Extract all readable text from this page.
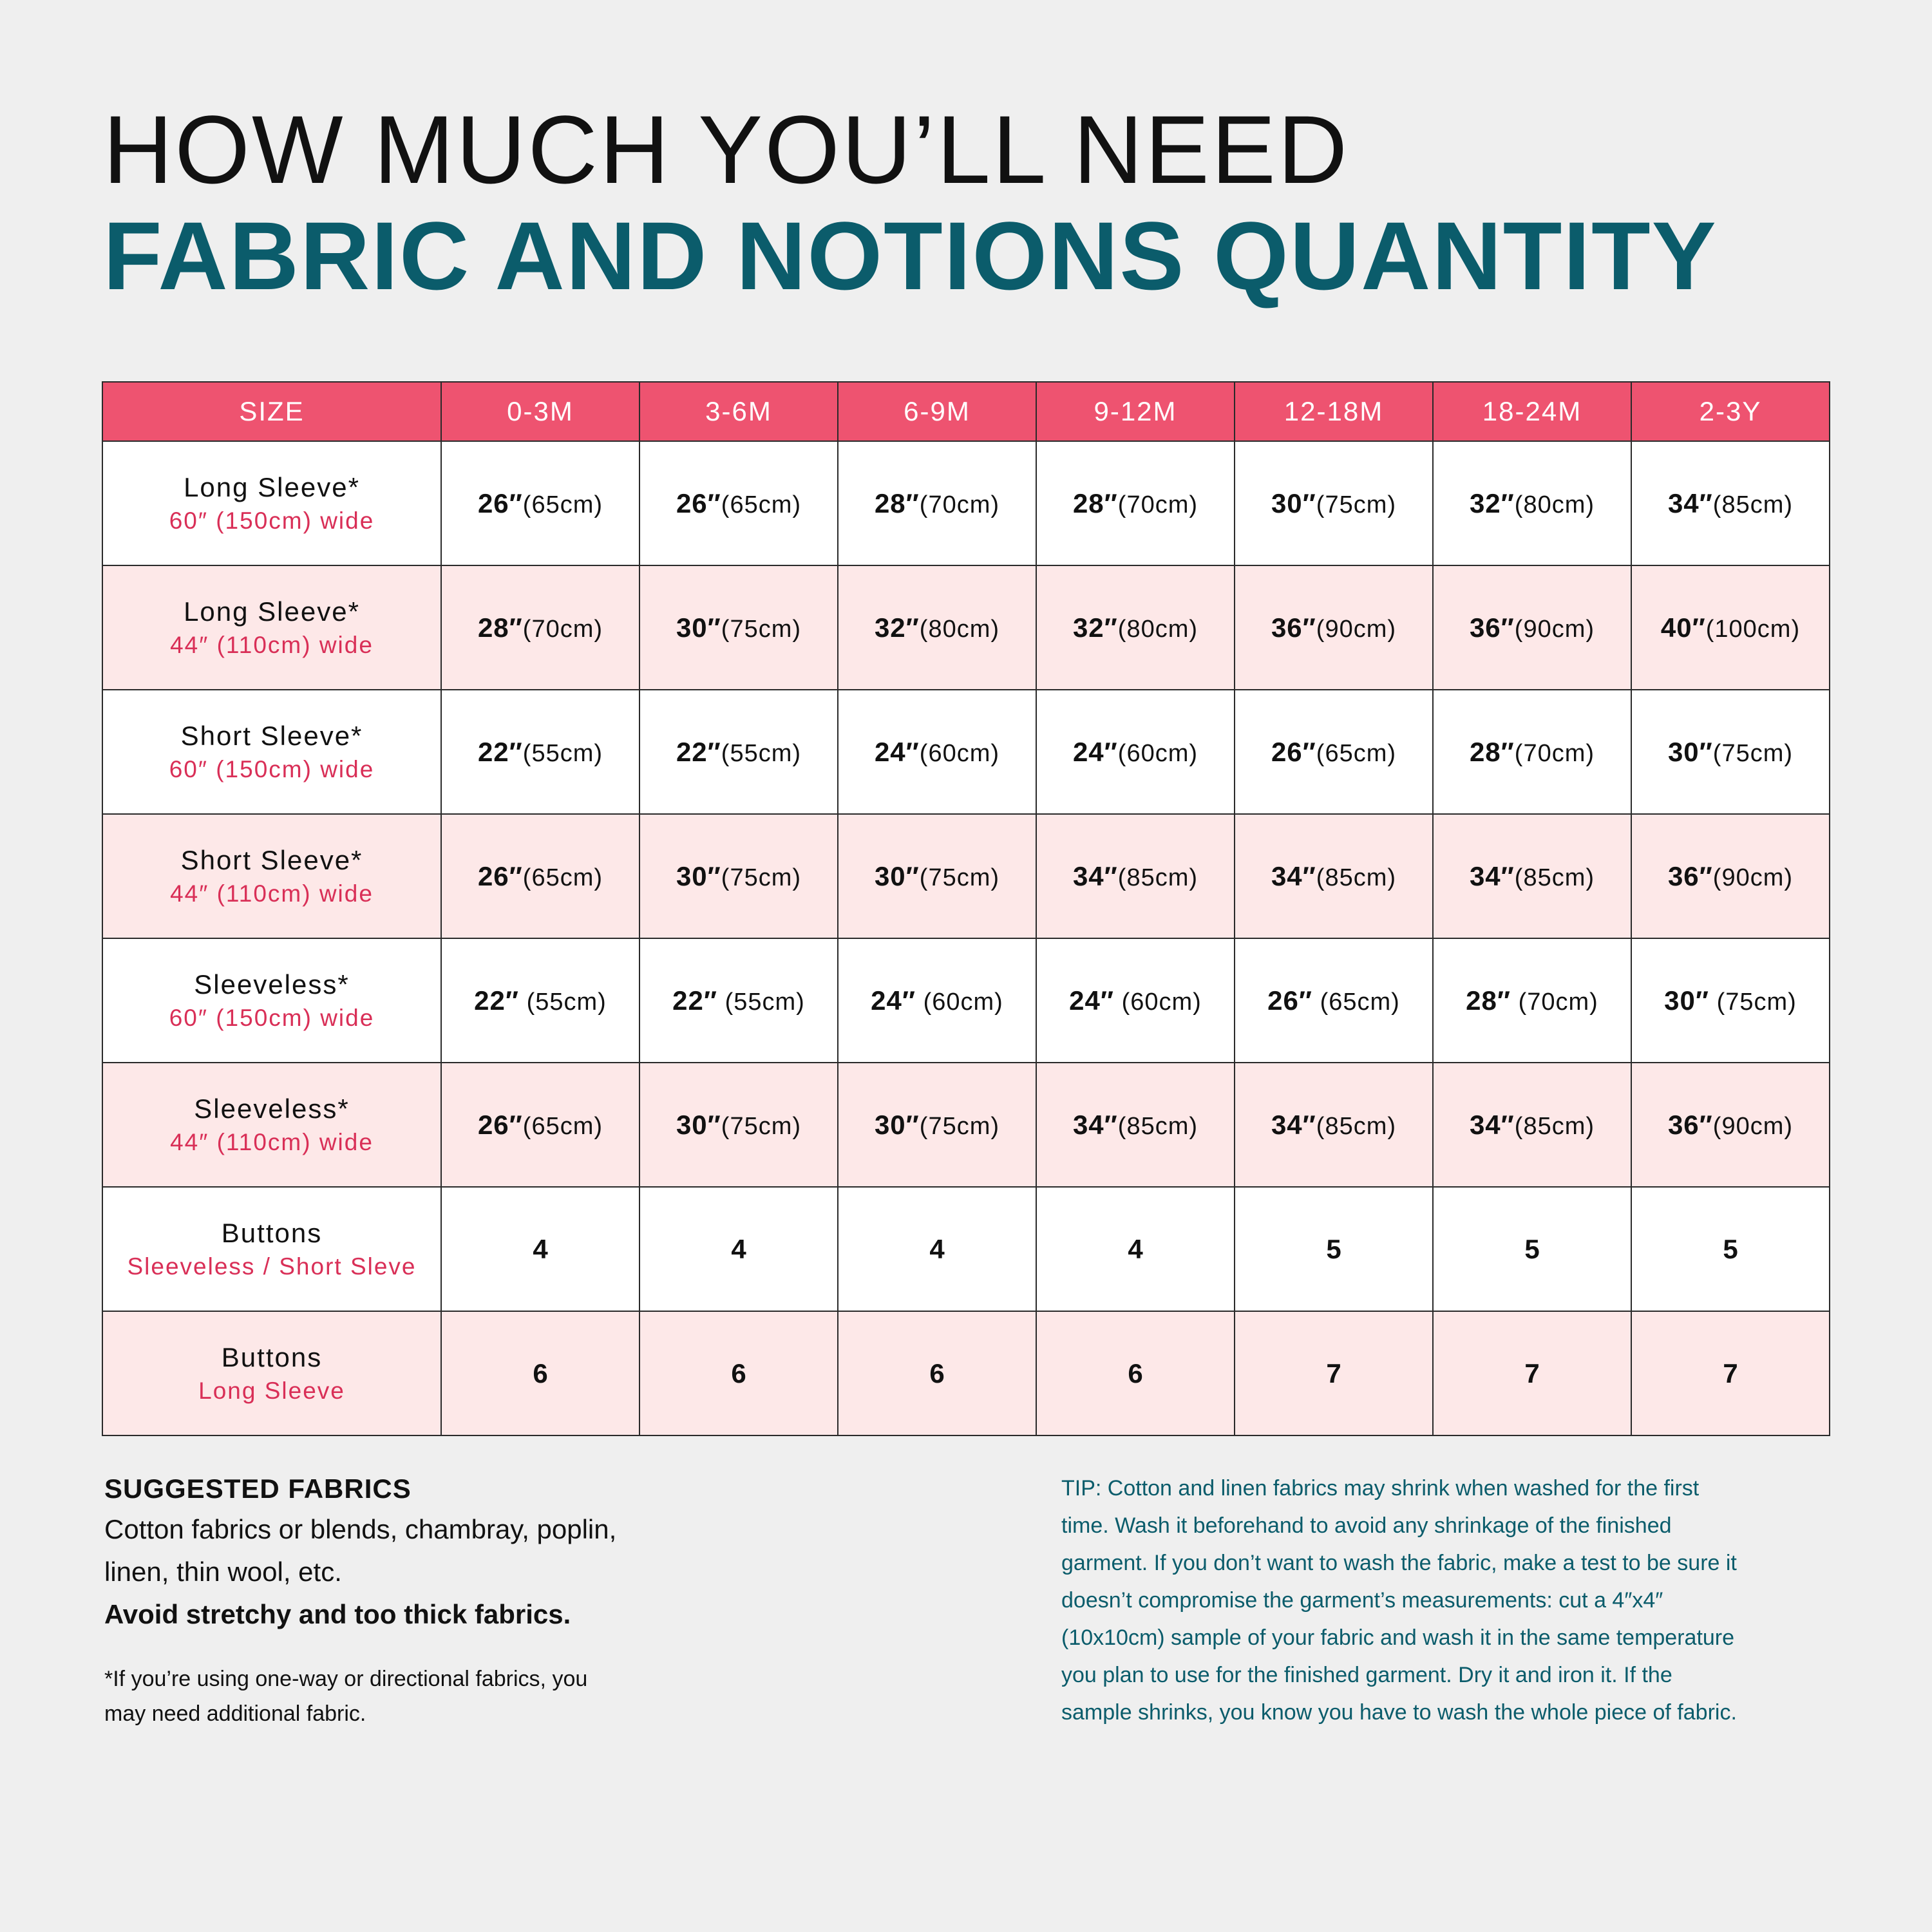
HOW MUCH YOU’LL NEED
FABRIC AND NOTIONS QUANTITY
SIZE	0-3M	3-6M	6-9M	9-12M	12-18M	18-24M	2-3Y

Long Sleeve*
60″ (150cm) wide	26″(65cm)	26″(65cm)	28″(70cm)	28″(70cm)	30″(75cm)	32″(80cm)	34″(85cm)

Long Sleeve*
44″ (110cm) wide	28″(70cm)	30″(75cm)	32″(80cm)	32″(80cm)	36″(90cm)	36″(90cm)	40″(100cm)

Short Sleeve*
60″ (150cm) wide	22″(55cm)	22″(55cm)	24″(60cm)	24″(60cm)	26″(65cm)	28″(70cm)	30″(75cm)

Short Sleeve*
44″ (110cm) wide	26″(65cm)	30″(75cm)	30″(75cm)	34″(85cm)	34″(85cm)	34″(85cm)	36″(90cm)

Sleeveless*
60″ (150cm) wide	22″ (55cm)	22″ (55cm)	24″ (60cm)	24″ (60cm)	26″ (65cm)	28″ (70cm)	30″ (75cm)

Sleeveless*
44″ (110cm) wide	26″(65cm)	30″(75cm)	30″(75cm)	34″(85cm)	34″(85cm)	34″(85cm)	36″(90cm)

Buttons
Sleeveless / Short Sleve	4	4	4	4	5	5	5

Buttons
Long Sleeve	6	6	6	6	7	7	7
SUGGESTED FABRICS
Cotton fabrics or blends, chambray, poplin, linen, thin wool, etc.
Avoid stretchy and too thick fabrics.
*If you’re using one-way or directional fabrics, you may need additional fabric.
TIP: Cotton and linen fabrics may shrink when washed for the first time. Wash it beforehand to avoid any shrinkage of the finished garment. If you don’t want to wash the fabric, make a test to be sure it doesn’t compromise the garment’s measurements: cut a 4″x4″ (10x10cm) sample of your fabric and wash it in the same temperature you plan to use for the finished garment. Dry it and iron it. If the sample shrinks, you know you have to wash the whole piece of fabric.
